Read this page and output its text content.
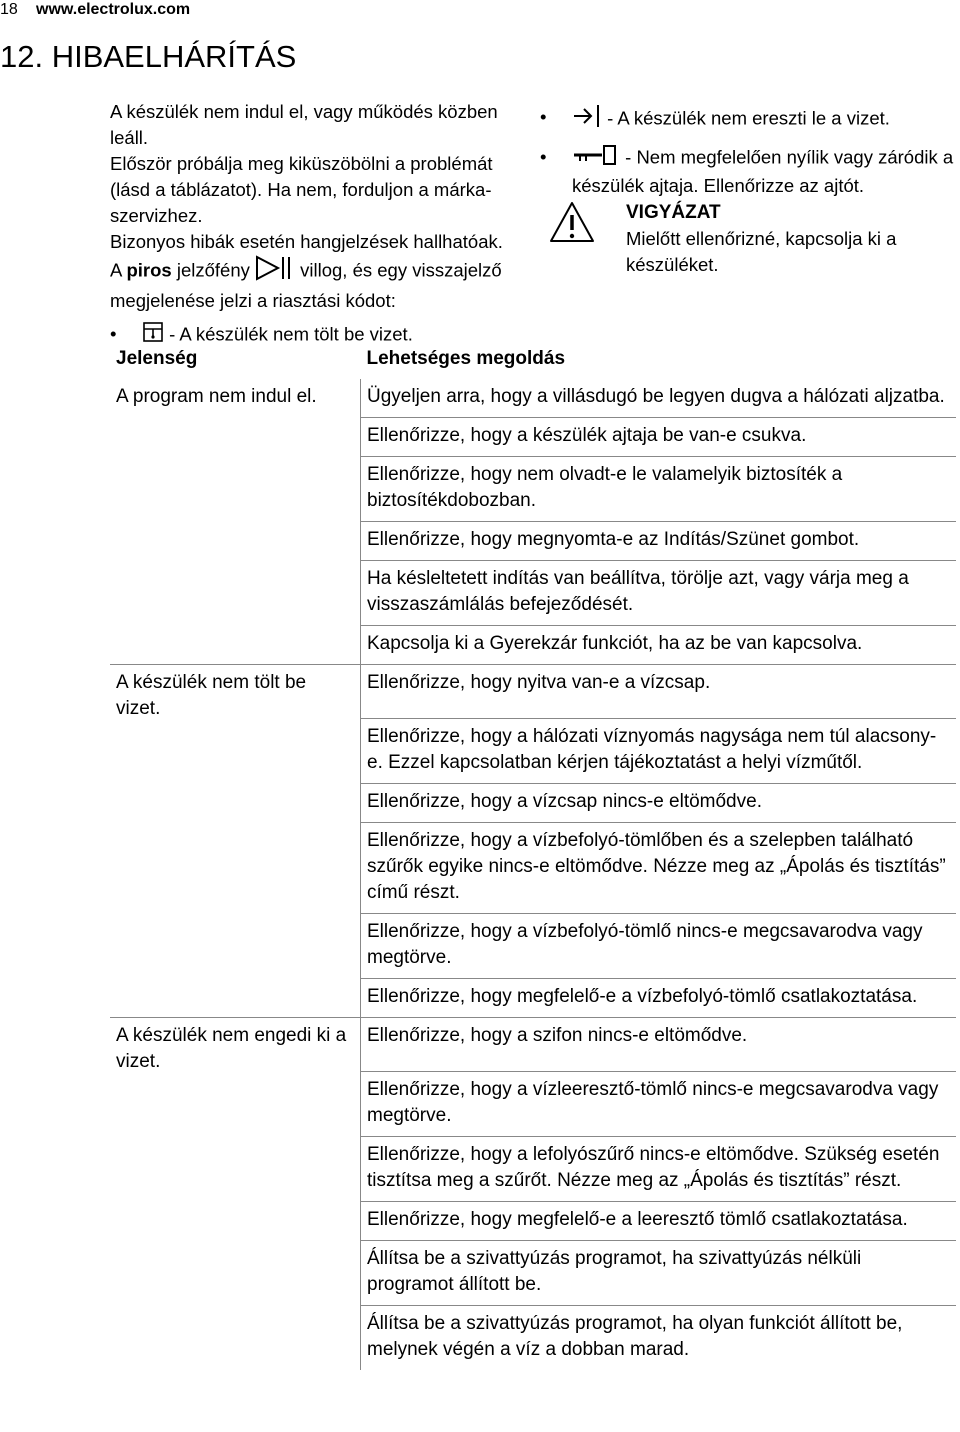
18 www.electrolux.com
12. HIBAELHÁRÍTÁS

A készülék nem indul el, vagy működés közben leáll.

Először próbálja meg kiküszöbölni a problémát (lásd a táblázatot). Ha nem, forduljon a márka-szervizhez.

Bizonyos hibák esetén hangjelzések hallhatóak.

A piros jelzőfény  villog, és egy visszajelző megjelenése jelzi a riasztási kódot:

•	- A készülék nem tölt be vizet.
•	- A készülék nem ereszti le a vizet.
•	- Nem megfelelően nyílik vagy záródik a készülék ajtaja. Ellenőrizze az ajtót.
VIGYÁZAT
Mielőtt ellenőrizné, kapcsolja ki a készüléket.
Jelenség	Lehetséges megoldás
A program nem indul el.	Ügyeljen arra, hogy a villásdugó be legyen dugva a hálózati aljzatba.
	Ellenőrizze, hogy a készülék ajtaja be van-e csukva.
	Ellenőrizze, hogy nem olvadt-e le valamelyik biztosíték a biztosítékdobozban.
	Ellenőrizze, hogy megnyomta-e az Indítás/Szünet gombot.
	Ha késleltetett indítás van beállítva, törölje azt, vagy várja meg a visszaszámlálás befejeződését.
	Kapcsolja ki a Gyerekzár funkciót, ha az be van kapcsolva.
A készülék nem tölt be vizet.	Ellenőrizze, hogy nyitva van-e a vízcsap.
	Ellenőrizze, hogy a hálózati víznyomás nagysága nem túl alacsony-e. Ezzel kapcsolatban kérjen tájékoztatást a helyi vízműtől.
	Ellenőrizze, hogy a vízcsap nincs-e eltömődve.
	Ellenőrizze, hogy a vízbefolyó-tömlőben és a szelepben található szűrők egyike nincs-e eltömődve. Nézze meg az „Ápolás és tisztítás” című részt.
	Ellenőrizze, hogy a vízbefolyó-tömlő nincs-e megcsavarodva vagy megtörve.
	Ellenőrizze, hogy megfelelő-e a vízbefolyó-tömlő csatlakoztatása.
A készülék nem engedi ki a vizet.	Ellenőrizze, hogy a szifon nincs-e eltömődve.
	Ellenőrizze, hogy a vízleeresztő-tömlő nincs-e megcsavarodva vagy megtörve.
	Ellenőrizze, hogy a lefolyószűrő nincs-e eltömődve. Szükség esetén tisztítsa meg a szűrőt. Nézze meg az „Ápolás és tisztítás” részt.
	Ellenőrizze, hogy megfelelő-e a leeresztő tömlő csatlakoztatása.
	Állítsa be a szivattyúzás programot, ha szivattyúzás nélküli programot állított be.
	Állítsa be a szivattyúzás programot, ha olyan funkciót állított be, melynek végén a víz a dobban marad.
